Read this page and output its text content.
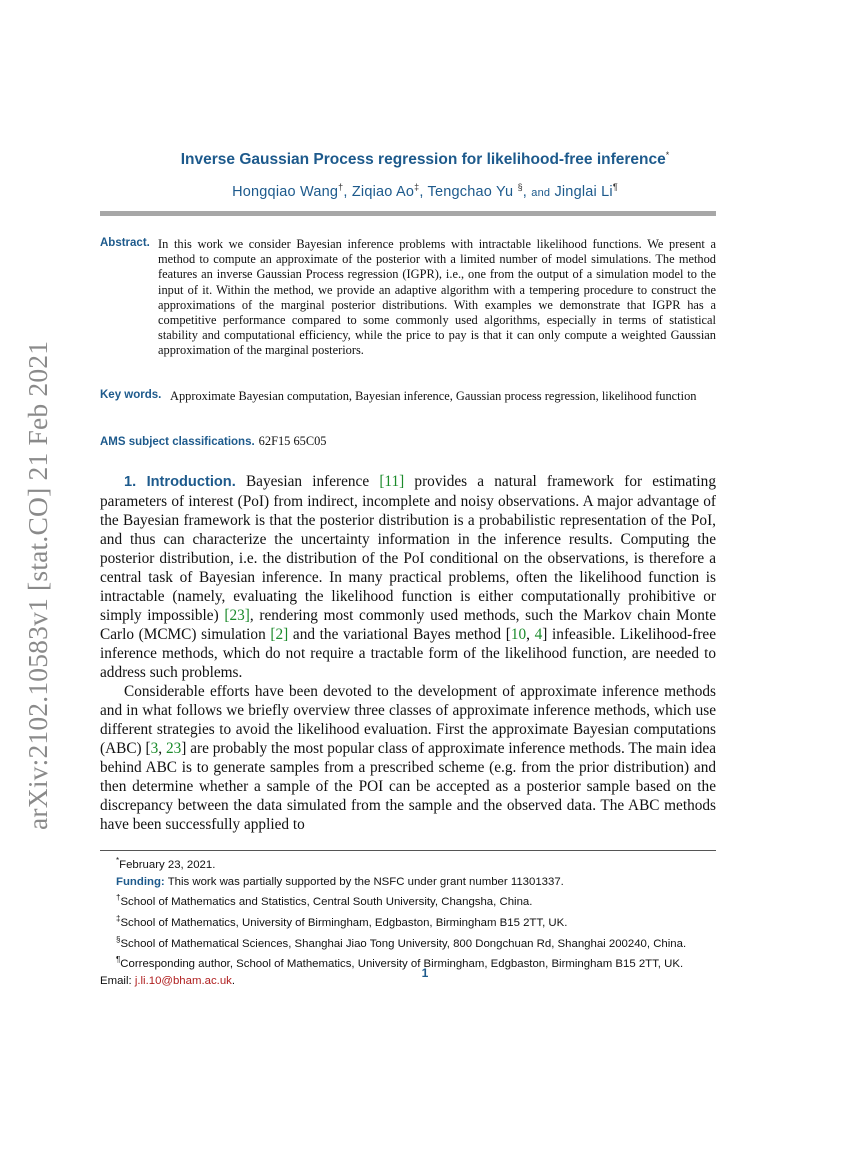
arXiv:2102.10583v1 [stat.CO] 21 Feb 2021
Inverse Gaussian Process regression for likelihood-free inference*
Hongqiao Wang†, Ziqiao Ao‡, Tengchao Yu §, and Jinglai Li¶
Abstract. In this work we consider Bayesian inference problems with intractable likelihood functions. We present a method to compute an approximate of the posterior with a limited number of model simulations. The method features an inverse Gaussian Process regression (IGPR), i.e., one from the output of a simulation model to the input of it. Within the method, we provide an adaptive algorithm with a tempering procedure to construct the approximations of the marginal posterior distributions. With examples we demonstrate that IGPR has a competitive performance compared to some commonly used algorithms, especially in terms of statistical stability and computational efficiency, while the price to pay is that it can only compute a weighted Gaussian approximation of the marginal posteriors.
Key words. Approximate Bayesian computation, Bayesian inference, Gaussian process regression, likelihood function
AMS subject classifications. 62F15 65C05
1. Introduction. Bayesian inference [11] provides a natural framework for estimating parameters of interest (PoI) from indirect, incomplete and noisy observations. A major advantage of the Bayesian framework is that the posterior distribution is a probabilistic representation of the PoI, and thus can characterize the uncertainty information in the inference results. Computing the posterior distribution, i.e. the distribution of the PoI conditional on the observations, is therefore a central task of Bayesian inference. In many practical problems, often the likelihood function is intractable (namely, evaluating the likelihood function is either computationally prohibitive or simply impossible) [23], rendering most commonly used methods, such the Markov chain Monte Carlo (MCMC) simulation [2] and the variational Bayes method [10, 4] infeasible. Likelihood-free inference methods, which do not require a tractable form of the likelihood function, are needed to address such problems.
Considerable efforts have been devoted to the development of approximate inference methods and in what follows we briefly overview three classes of approximate inference methods, which use different strategies to avoid the likelihood evaluation. First the approximate Bayesian computations (ABC) [3, 23] are probably the most popular class of approximate inference methods. The main idea behind ABC is to generate samples from a prescribed scheme (e.g. from the prior distribution) and then determine whether a sample of the POI can be accepted as a posterior sample based on the discrepancy between the data simulated from the sample and the observed data. The ABC methods have been successfully applied to
*February 23, 2021.
Funding: This work was partially supported by the NSFC under grant number 11301337.
†School of Mathematics and Statistics, Central South University, Changsha, China.
‡School of Mathematics, University of Birmingham, Edgbaston, Birmingham B15 2TT, UK.
§School of Mathematical Sciences, Shanghai Jiao Tong University, 800 Dongchuan Rd, Shanghai 200240, China.
¶Corresponding author, School of Mathematics, University of Birmingham, Edgbaston, Birmingham B15 2TT, UK. Email: j.li.10@bham.ac.uk.
1
